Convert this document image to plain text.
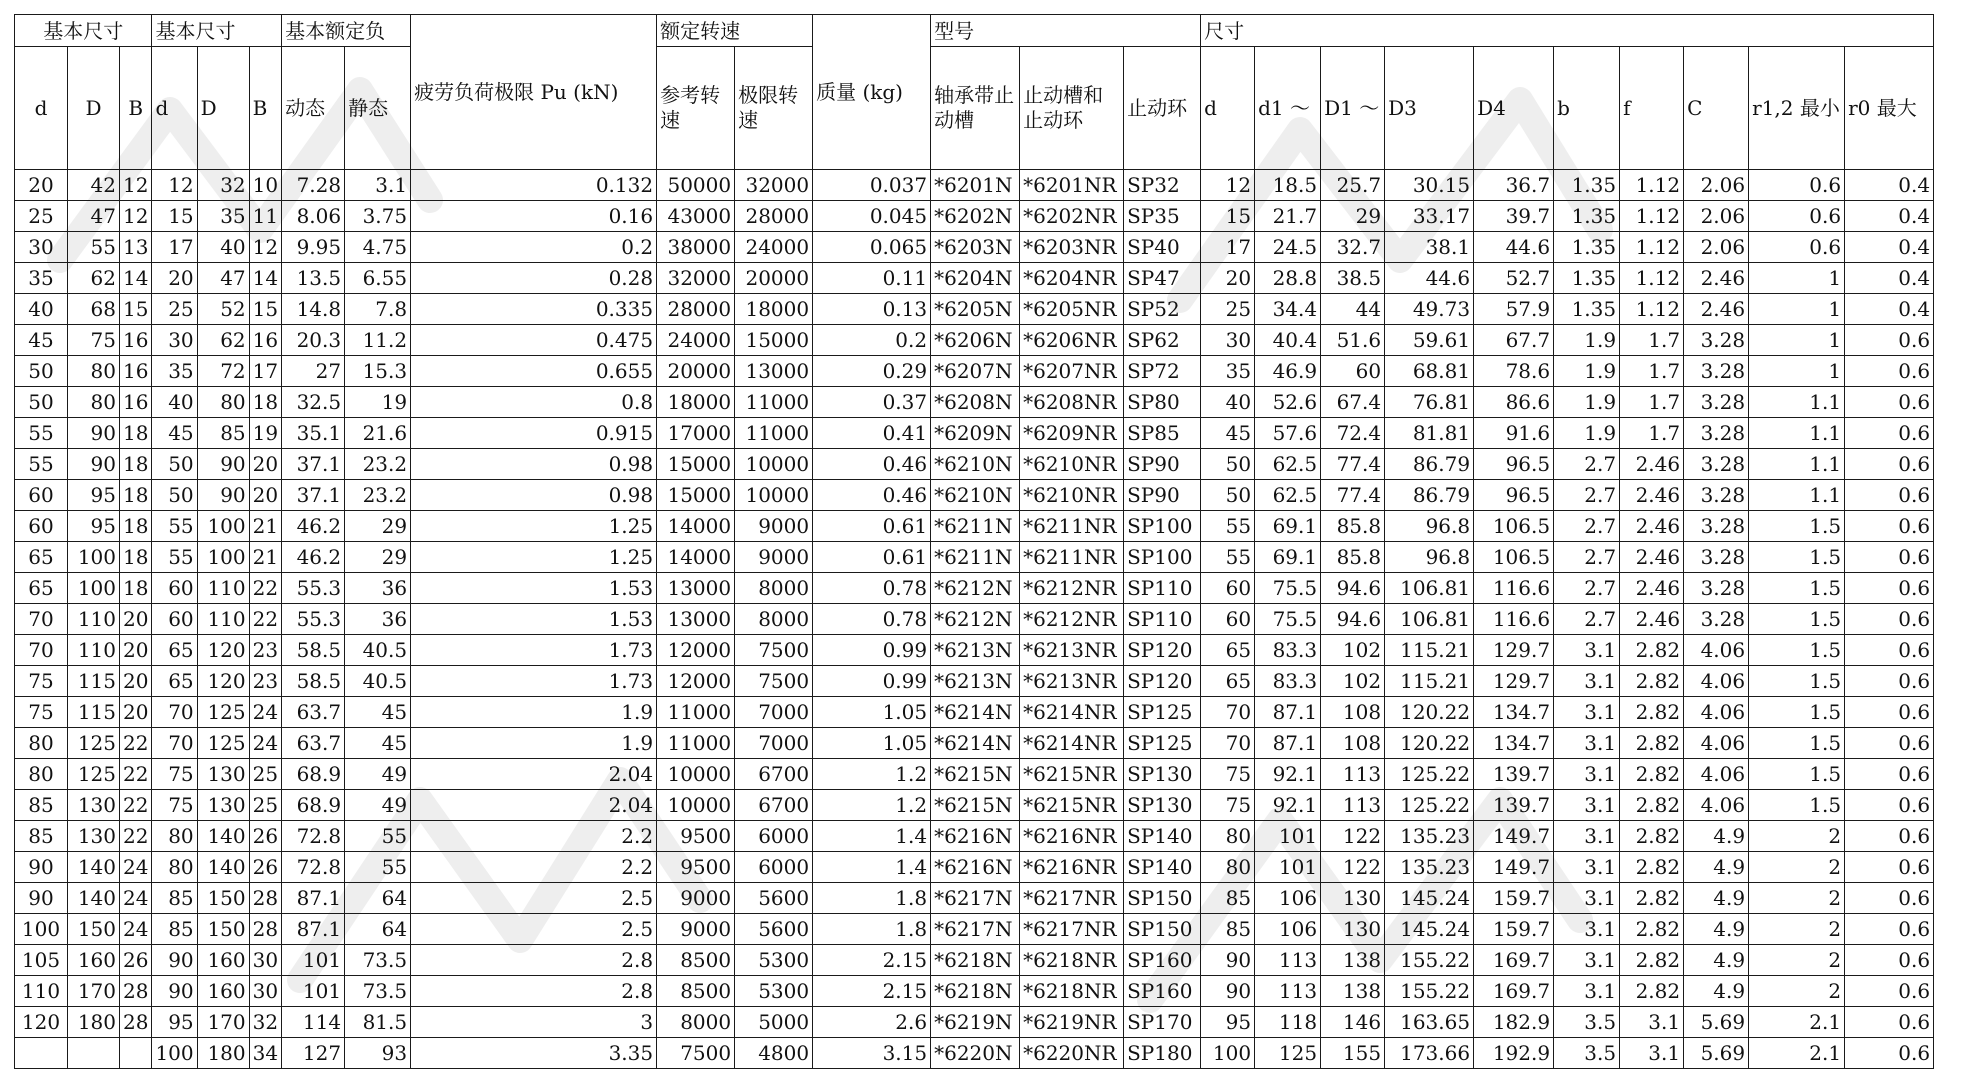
基本尺寸			基本尺寸			基本额定负		疲劳负荷极限 Pu (kN)	额定转速		质量 (kg)	型号			尺寸									
d	D	B	d	D	B	动态	静态		参考转速	极限转速		轴承带止动槽	止动槽和止动环	止动环	d	d1 ～	D1 ～	D3	D4	b	f	C	r1,2 最小	r0 最大
20	42	12	12	32	10	7.28	3.1	0.132	50000	32000	0.037	*6201N	*6201NR	SP32	12	18.5	25.7	30.15	36.7	1.35	1.12	2.06	0.6	0.4
25	47	12	15	35	11	8.06	3.75	0.16	43000	28000	0.045	*6202N	*6202NR	SP35	15	21.7	29	33.17	39.7	1.35	1.12	2.06	0.6	0.4
30	55	13	17	40	12	9.95	4.75	0.2	38000	24000	0.065	*6203N	*6203NR	SP40	17	24.5	32.7	38.1	44.6	1.35	1.12	2.06	0.6	0.4
35	62	14	20	47	14	13.5	6.55	0.28	32000	20000	0.11	*6204N	*6204NR	SP47	20	28.8	38.5	44.6	52.7	1.35	1.12	2.46	1	0.4
40	68	15	25	52	15	14.8	7.8	0.335	28000	18000	0.13	*6205N	*6205NR	SP52	25	34.4	44	49.73	57.9	1.35	1.12	2.46	1	0.4
45	75	16	30	62	16	20.3	11.2	0.475	24000	15000	0.2	*6206N	*6206NR	SP62	30	40.4	51.6	59.61	67.7	1.9	1.7	3.28	1	0.6
50	80	16	35	72	17	27	15.3	0.655	20000	13000	0.29	*6207N	*6207NR	SP72	35	46.9	60	68.81	78.6	1.9	1.7	3.28	1	0.6
50	80	16	40	80	18	32.5	19	0.8	18000	11000	0.37	*6208N	*6208NR	SP80	40	52.6	67.4	76.81	86.6	1.9	1.7	3.28	1.1	0.6
55	90	18	45	85	19	35.1	21.6	0.915	17000	11000	0.41	*6209N	*6209NR	SP85	45	57.6	72.4	81.81	91.6	1.9	1.7	3.28	1.1	0.6
55	90	18	50	90	20	37.1	23.2	0.98	15000	10000	0.46	*6210N	*6210NR	SP90	50	62.5	77.4	86.79	96.5	2.7	2.46	3.28	1.1	0.6
60	95	18	50	90	20	37.1	23.2	0.98	15000	10000	0.46	*6210N	*6210NR	SP90	50	62.5	77.4	86.79	96.5	2.7	2.46	3.28	1.1	0.6
60	95	18	55	100	21	46.2	29	1.25	14000	9000	0.61	*6211N	*6211NR	SP100	55	69.1	85.8	96.8	106.5	2.7	2.46	3.28	1.5	0.6
65	100	18	55	100	21	46.2	29	1.25	14000	9000	0.61	*6211N	*6211NR	SP100	55	69.1	85.8	96.8	106.5	2.7	2.46	3.28	1.5	0.6
65	100	18	60	110	22	55.3	36	1.53	13000	8000	0.78	*6212N	*6212NR	SP110	60	75.5	94.6	106.81	116.6	2.7	2.46	3.28	1.5	0.6
70	110	20	60	110	22	55.3	36	1.53	13000	8000	0.78	*6212N	*6212NR	SP110	60	75.5	94.6	106.81	116.6	2.7	2.46	3.28	1.5	0.6
70	110	20	65	120	23	58.5	40.5	1.73	12000	7500	0.99	*6213N	*6213NR	SP120	65	83.3	102	115.21	129.7	3.1	2.82	4.06	1.5	0.6
75	115	20	65	120	23	58.5	40.5	1.73	12000	7500	0.99	*6213N	*6213NR	SP120	65	83.3	102	115.21	129.7	3.1	2.82	4.06	1.5	0.6
75	115	20	70	125	24	63.7	45	1.9	11000	7000	1.05	*6214N	*6214NR	SP125	70	87.1	108	120.22	134.7	3.1	2.82	4.06	1.5	0.6
80	125	22	70	125	24	63.7	45	1.9	11000	7000	1.05	*6214N	*6214NR	SP125	70	87.1	108	120.22	134.7	3.1	2.82	4.06	1.5	0.6
80	125	22	75	130	25	68.9	49	2.04	10000	6700	1.2	*6215N	*6215NR	SP130	75	92.1	113	125.22	139.7	3.1	2.82	4.06	1.5	0.6
85	130	22	75	130	25	68.9	49	2.04	10000	6700	1.2	*6215N	*6215NR	SP130	75	92.1	113	125.22	139.7	3.1	2.82	4.06	1.5	0.6
85	130	22	80	140	26	72.8	55	2.2	9500	6000	1.4	*6216N	*6216NR	SP140	80	101	122	135.23	149.7	3.1	2.82	4.9	2	0.6
90	140	24	80	140	26	72.8	55	2.2	9500	6000	1.4	*6216N	*6216NR	SP140	80	101	122	135.23	149.7	3.1	2.82	4.9	2	0.6
90	140	24	85	150	28	87.1	64	2.5	9000	5600	1.8	*6217N	*6217NR	SP150	85	106	130	145.24	159.7	3.1	2.82	4.9	2	0.6
100	150	24	85	150	28	87.1	64	2.5	9000	5600	1.8	*6217N	*6217NR	SP150	85	106	130	145.24	159.7	3.1	2.82	4.9	2	0.6
105	160	26	90	160	30	101	73.5	2.8	8500	5300	2.15	*6218N	*6218NR	SP160	90	113	138	155.22	169.7	3.1	2.82	4.9	2	0.6
110	170	28	90	160	30	101	73.5	2.8	8500	5300	2.15	*6218N	*6218NR	SP160	90	113	138	155.22	169.7	3.1	2.82	4.9	2	0.6
120	180	28	95	170	32	114	81.5	3	8000	5000	2.6	*6219N	*6219NR	SP170	95	118	146	163.65	182.9	3.5	3.1	5.69	2.1	0.6
			100	180	34	127	93	3.35	7500	4800	3.15	*6220N	*6220NR	SP180	100	125	155	173.66	192.9	3.5	3.1	5.69	2.1	0.6
